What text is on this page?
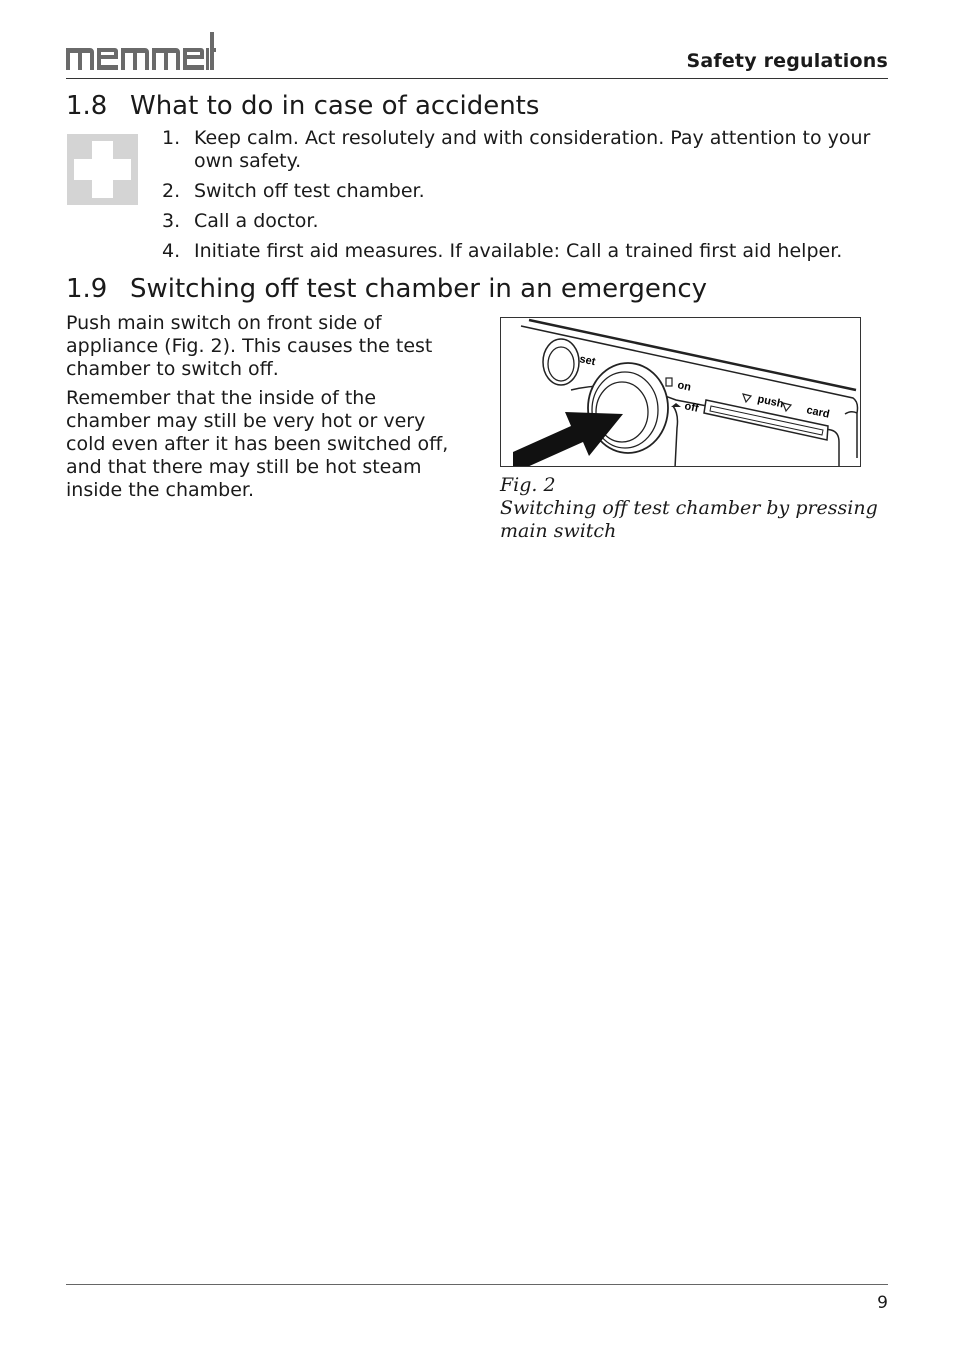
Safety regulations
1.8 What to do in case of accidents
1. Keep calm. Act resolutely and with consideration. Pay attention to your own safety.
2. Switch off test chamber.
3. Call a doctor.
4. Initiate first aid measures. If available: Call a trained first aid helper.
1.9 Switching off test chamber in an emergency

Push main switch on front side of appliance (Fig. 2). This causes the test chamber to switch off.

Remember that the inside of the chamber may still be very hot or very cold even after it has been switched off, and that there may still be hot steam inside the chamber.

set
on
off	push
card
Fig. 2
Switching off test chamber by pressing main switch
9
